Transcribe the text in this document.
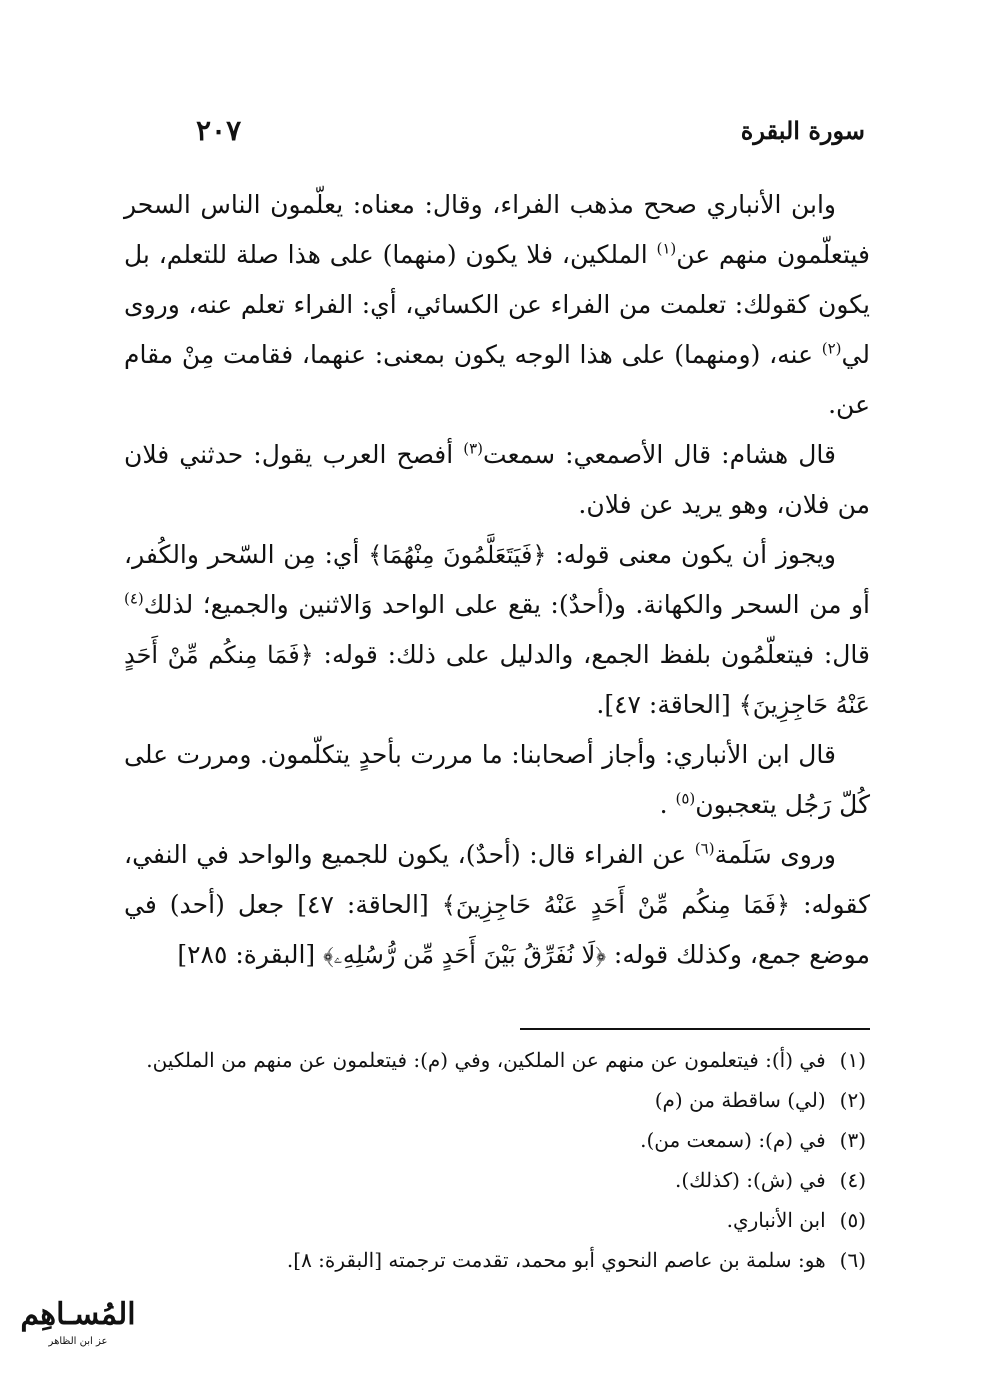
سورة البقرة
٢٠٧

وابن الأنباري صحح مذهب الفراء، وقال: معناه: يعلّمون الناس السحر فيتعلّمون منهم عن$^{(١)}$ الملكين، فلا يكون (منهما) على هذا صلة للتعلم، بل يكون كقولك: تعلمت من الفراء عن الكسائي، أي: الفراء تعلم عنه، وروى لي$^{(٢)}$ عنه، (ومنهما) على هذا الوجه يكون بمعنى: عنهما، فقامت مِنْ مقام عن.

قال هشام: قال الأصمعي: سمعت$^{(٣)}$ أفصح العرب يقول: حدثني فلان من فلان، وهو يريد عن فلان.

ويجوز أن يكون معنى قوله: ﴿فَيَتَعَلَّمُونَ مِنْهُمَا﴾ أي: مِن السّحر والكُفر، أو من السحر والكهانة. و(أحدٌ): يقع على الواحد وَالاثنين والجميع؛ لذلك$^{(٤)}$ قال: فيتعلّمُون بلفظ الجمع، والدليل على ذلك: قوله: ﴿فَمَا مِنكُم مِّنْ أَحَدٍ عَنْهُ حَاجِزِينَ﴾ [الحاقة: ٤٧].

قال ابن الأنباري: وأجاز أصحابنا: ما مررت بأحدٍ يتكلّمون. ومررت على كُلّ رَجُل يتعجبون$^{(٥)}$ .

وروى سَلَمة$^{(٦)}$ عن الفراء قال: (أحدٌ)، يكون للجميع والواحد في النفي، كقوله: ﴿فَمَا مِنكُم مِّنْ أَحَدٍ عَنْهُ حَاجِزِينَ﴾ [الحاقة: ٤٧] جعل (أحد) في موضع جمع، وكذلك قوله: ﴿لَا نُفَرِّقُ بَيْنَ أَحَدٍ مِّن رُّسُلِهِۦ﴾ [البقرة: ٢٨٥]

(١) في (أ): فيتعلمون عن منهم عن الملكين، وفي (م): فيتعلمون عن منهم من الملكين.
(٢) (لي) ساقطة من (م)
(٣) في (م): (سمعت من).
(٤) في (ش): (كذلك).
(٥) ابن الأنباري.
(٦) هو: سلمة بن عاصم النحوي أبو محمد، تقدمت ترجمته [البقرة: ٨].
المُسـاهِم
عز ابن الظاهر
